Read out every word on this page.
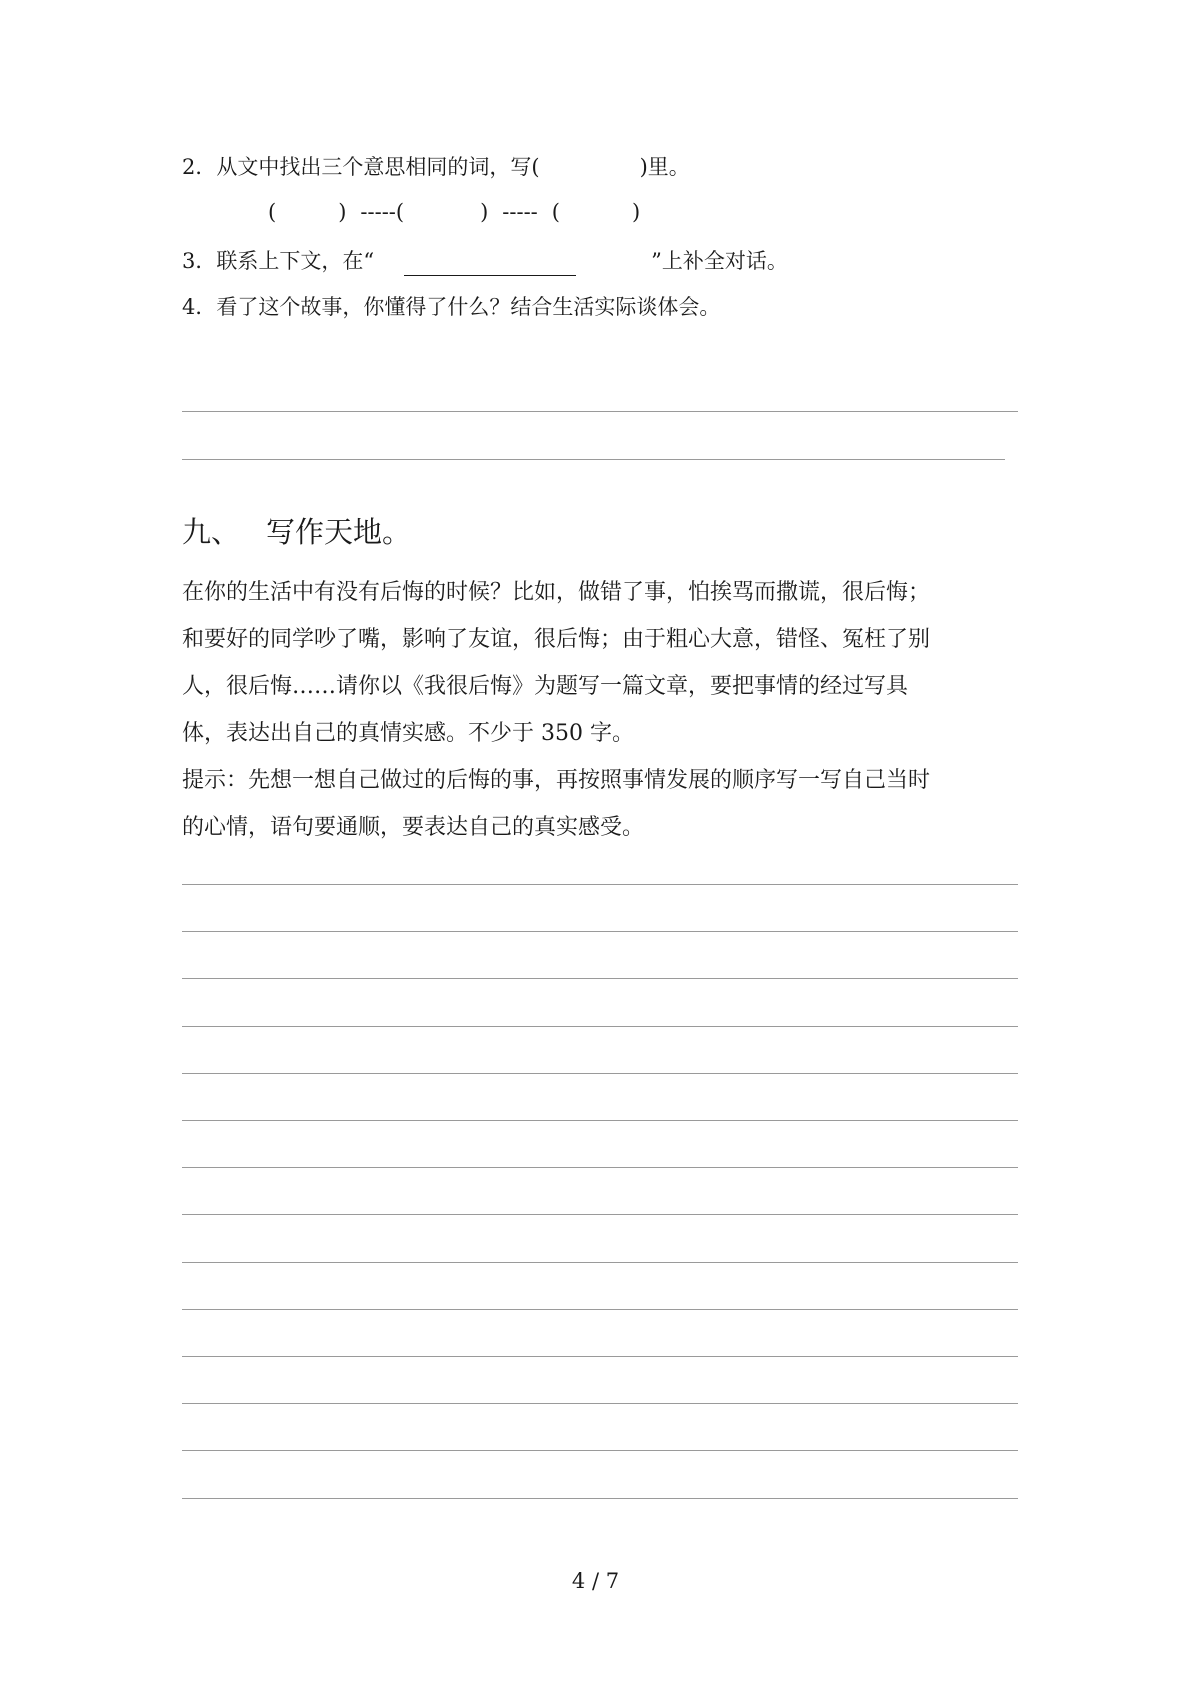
2．从文中找出三个意思相同的词，写(	)里。
(	) -----(	) ----- (	)
3．联系上下文，在“	”上补全对话。
4．看了这个故事，你懂得了什么？结合生活实际谈体会。
九、 写作天地。
在你的生活中有没有后悔的时候？比如，做错了事，怕挨骂而撒谎，很后悔；
和要好的同学吵了嘴，影响了友谊，很后悔；由于粗心大意，错怪、冤枉了别
人，很后悔……请你以《我很后悔》为题写一篇文章，要把事情的经过写具
体，表达出自己的真情实感。不少于 350 字。
提示：先想一想自己做过的后悔的事，再按照事情发展的顺序写一写自己当时
的心情，语句要通顺，要表达自己的真实感受。
4 / 7
